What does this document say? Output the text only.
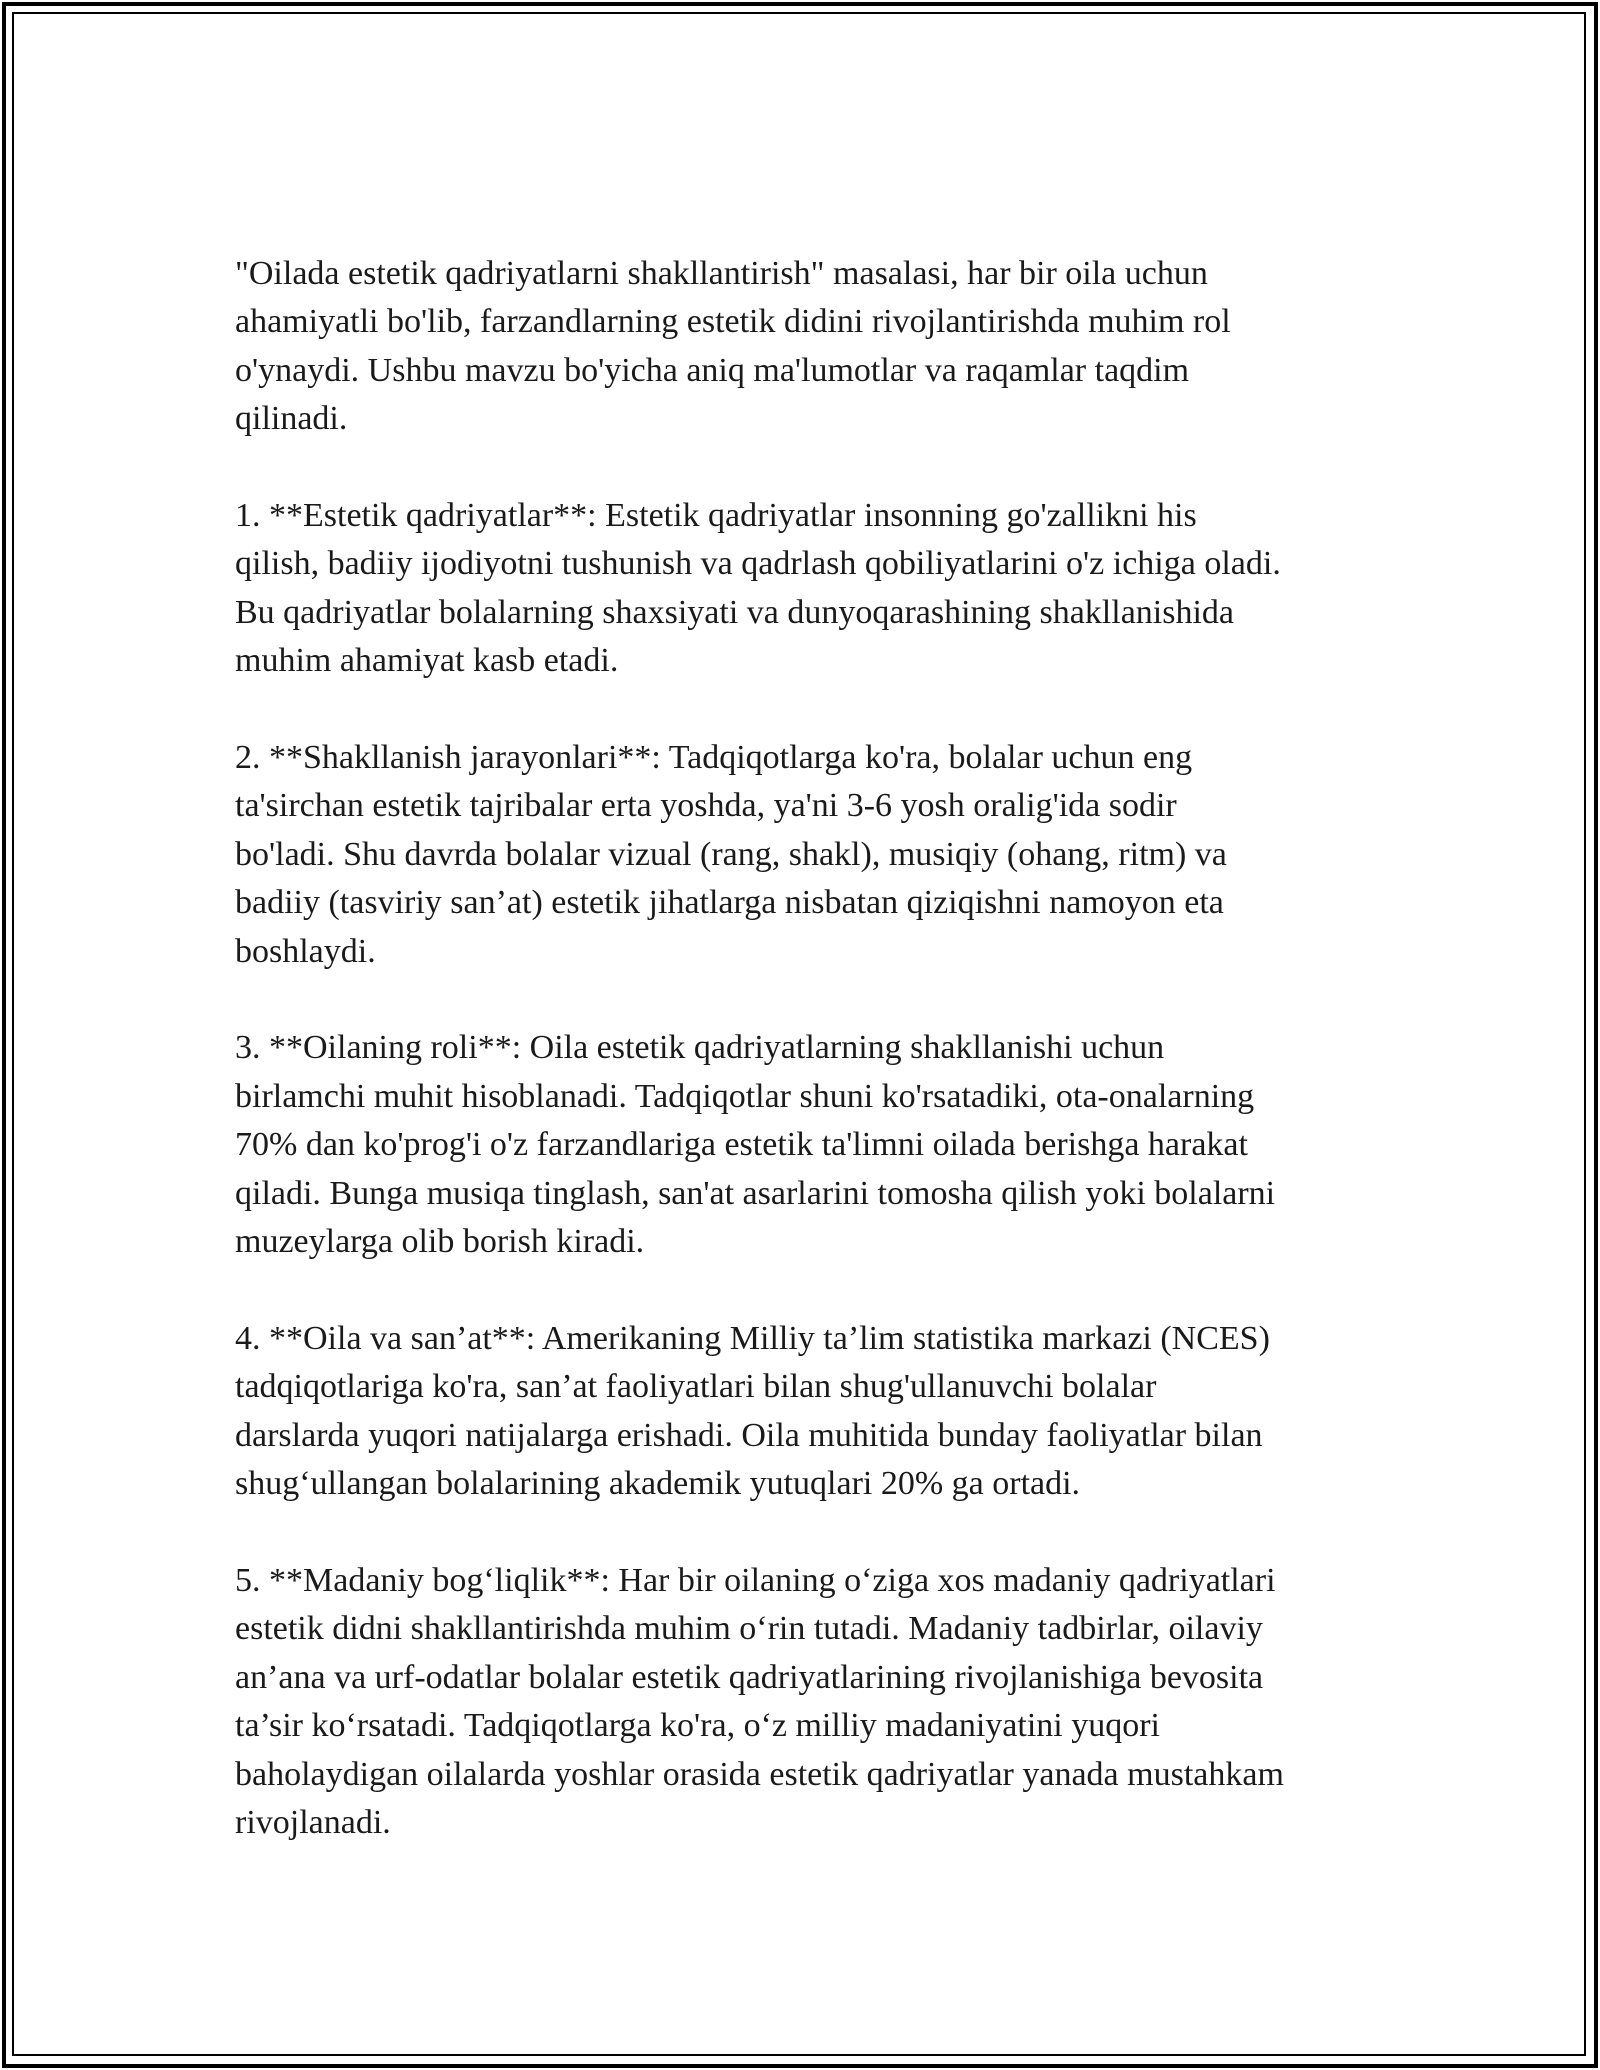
"Oilada estetik qadriyatlarni shakllantirish" masalasi, har bir oila uchun
ahamiyatli bo'lib, farzandlarning estetik didini rivojlantirishda muhim rol
o'ynaydi. Ushbu mavzu bo'yicha aniq ma'lumotlar va raqamlar taqdim
qilinadi.

1. **Estetik qadriyatlar**: Estetik qadriyatlar insonning go'zallikni his
qilish, badiiy ijodiyotni tushunish va qadrlash qobiliyatlarini o'z ichiga oladi.
Bu qadriyatlar bolalarning shaxsiyati va dunyoqarashining shakllanishida
muhim ahamiyat kasb etadi.

2. **Shakllanish jarayonlari**: Tadqiqotlarga ko'ra, bolalar uchun eng
ta'sirchan estetik tajribalar erta yoshda, ya'ni 3-6 yosh oralig'ida sodir
bo'ladi. Shu davrda bolalar vizual (rang, shakl), musiqiy (ohang, ritm) va
badiiy (tasviriy san’at) estetik jihatlarga nisbatan qiziqishni namoyon eta
boshlaydi.

3. **Oilaning roli**: Oila estetik qadriyatlarning shakllanishi uchun
birlamchi muhit hisoblanadi. Tadqiqotlar shuni ko'rsatadiki, ota-onalarning
70% dan ko'prog'i o'z farzandlariga estetik ta'limni oilada berishga harakat
qiladi. Bunga musiqa tinglash, san'at asarlarini tomosha qilish yoki bolalarni
muzeylarga olib borish kiradi.

4. **Oila va san’at**: Amerikaning Milliy ta’lim statistika markazi (NCES)
tadqiqotlariga ko'ra, san’at faoliyatlari bilan shug'ullanuvchi bolalar
darslarda yuqori natijalarga erishadi. Oila muhitida bunday faoliyatlar bilan
shug‘ullangan bolalarining akademik yutuqlari 20% ga ortadi.

5. **Madaniy bog‘liqlik**: Har bir oilaning o‘ziga xos madaniy qadriyatlari
estetik didni shakllantirishda muhim o‘rin tutadi. Madaniy tadbirlar, oilaviy
an’ana va urf-odatlar bolalar estetik qadriyatlarining rivojlanishiga bevosita
ta’sir ko‘rsatadi. Tadqiqotlarga ko'ra, o‘z milliy madaniyatini yuqori
baholaydigan oilalarda yoshlar orasida estetik qadriyatlar yanada mustahkam
rivojlanadi.
